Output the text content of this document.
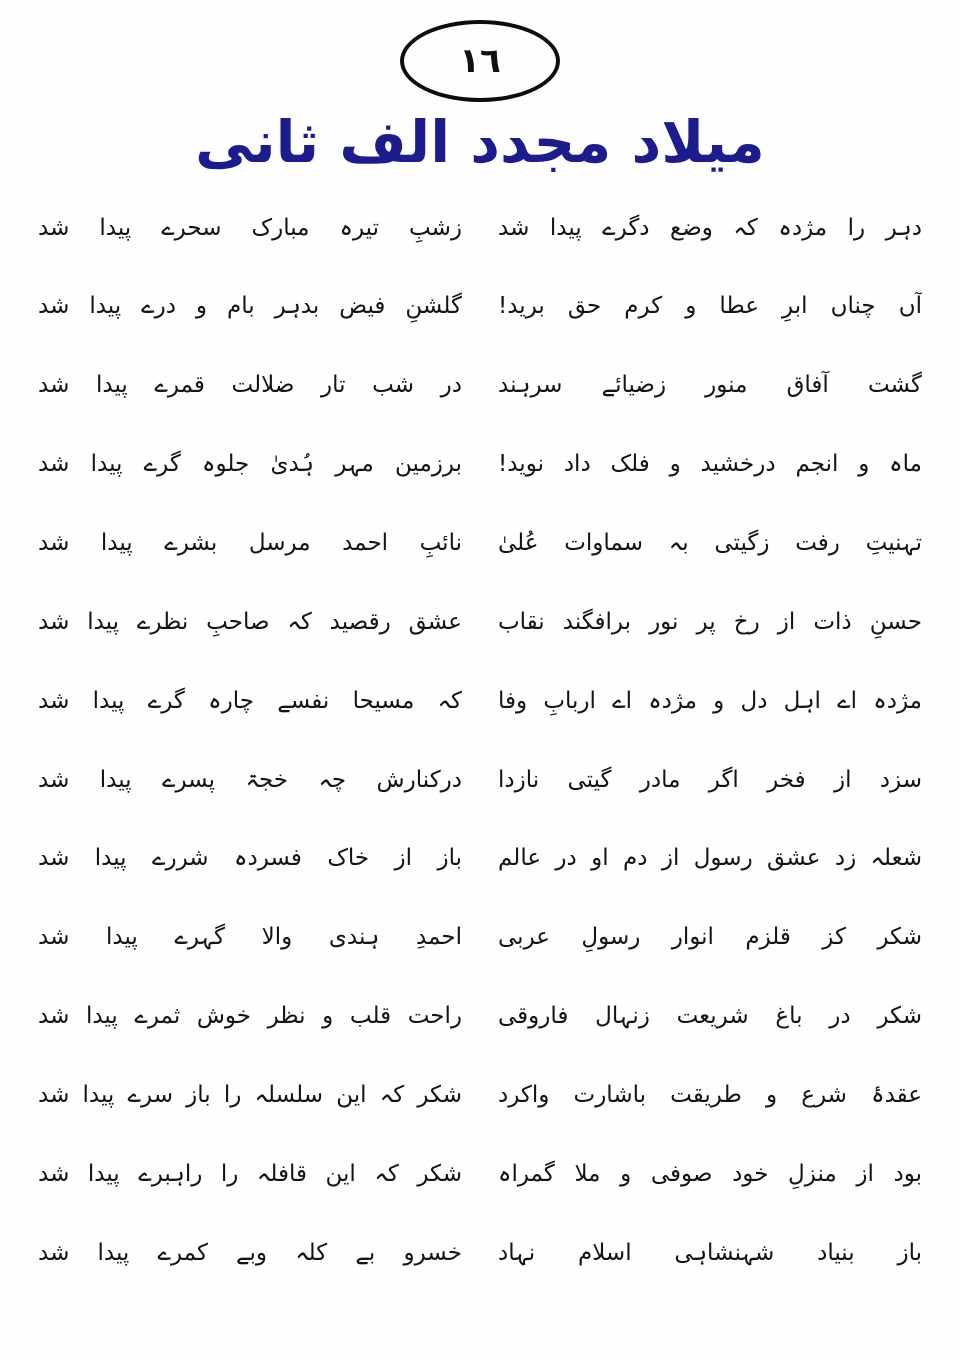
١٦
میلاد مجدد الف ثانی
دہر را مژدہ کہ وضع دگرے پیدا شد
زشبِ تیرہ مبارک سحرے پیدا شد
آں چناں ابرِ عطا و کرم حق برید!
گلشنِ فیض بدہر بام و درے پیدا شد
گشت آفاق منور زضیائے سرہند
در شب تار ضلالت قمرے پیدا شد
ماہ و انجم درخشید و فلک داد نوید!
برزمین مہر ہُدیٰ جلوہ گرے پیدا شد
تہنیتِ رفت زگیتی بہ سماوات عُلیٰ
نائبِ احمد مرسل بشرے پیدا شد
حسنِ ذات از رخ پر نور برافگند نقاب
عشق رقصید کہ صاحبِ نظرے پیدا شد
مژدہ اے اہل دل و مژدہ اے اربابِ وفا
کہ مسیحا نفسے چارہ گرے پیدا شد
سزد از فخر اگر مادر گیتی نازدا
درکنارش چہ خجۃ پسرے پیدا شد
شعلہ زد عشق رسول از دم او در عالم
باز از خاک فسردہ شررے پیدا شد
شکر کز قلزم انوار رسولِ عربی
احمدِ ہندی والا گہرے پیدا شد
شکر در باغ شریعت زنہال فاروقی
راحت قلب و نظر خوش ثمرے پیدا شد
عقدۂ شرع و طریقت باشارت واکرد
شکر کہ این سلسلہ را باز سرے پیدا شد
بود از منزلِ خود صوفی و ملا گمراہ
شکر کہ این قافلہ را راہبرے پیدا شد
باز بنیاد شہنشاہی اسلام نہاد
خسرو بے کلہ وبے کمرے پیدا شد
